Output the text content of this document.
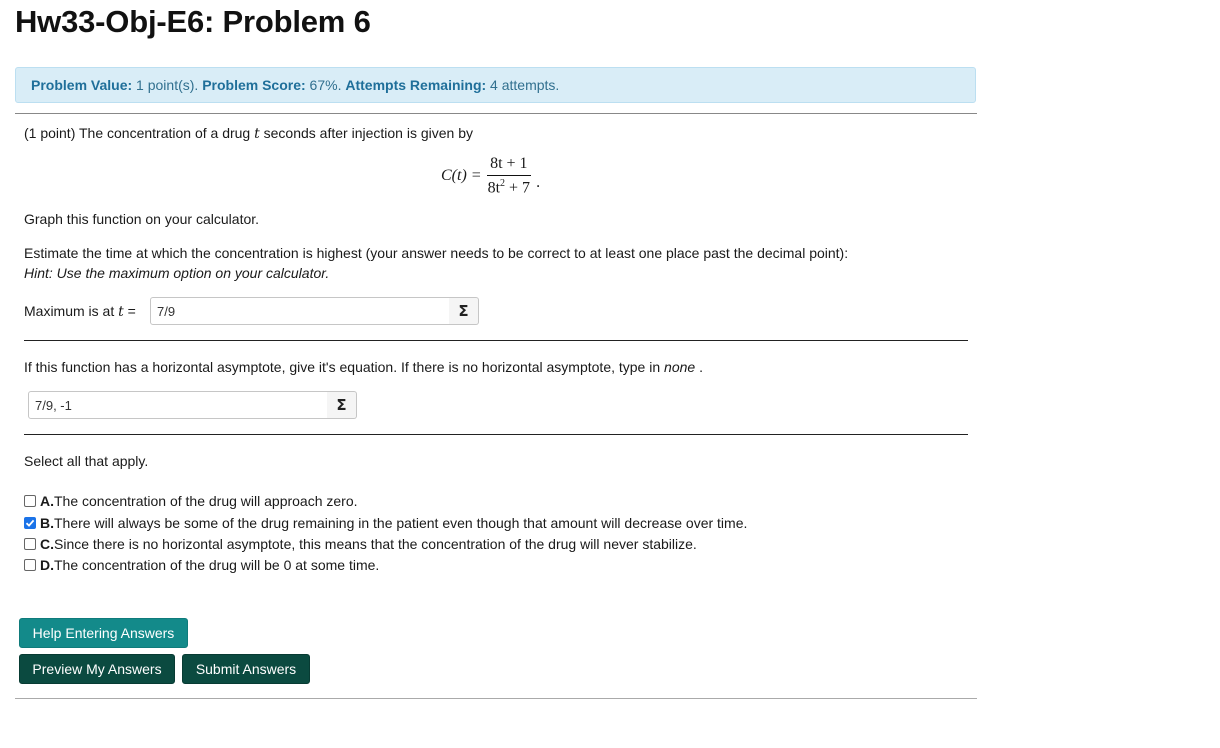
Hw33-Obj-E6: Problem 6
Problem Value: 1 point(s). Problem Score: 67%. Attempts Remaining: 4 attempts.
(1 point) The concentration of a drug t seconds after injection is given by
$C(t) = \frac{8t + 1}{8t^2 + 7}$ .
Graph this function on your calculator.
Estimate the time at which the concentration is highest (your answer needs to be correct to at least one place past the decimal point):
Hint: Use the maximum option on your calculator.
Maximum is at t =
7/9	Σ
If this function has a horizontal asymptote, give it's equation. If there is no horizontal asymptote, type in none .
7/9, -1
Σ
Select all that apply.
A. The concentration of the drug will approach zero.
B. There will always be some of the drug remaining in the patient even though that amount will decrease over time.
C. Since there is no horizontal asymptote, this means that the concentration of the drug will never stabilize.
D. The concentration of the drug will be 0 at some time.
Help Entering Answers
Preview My Answers	Submit Answers
